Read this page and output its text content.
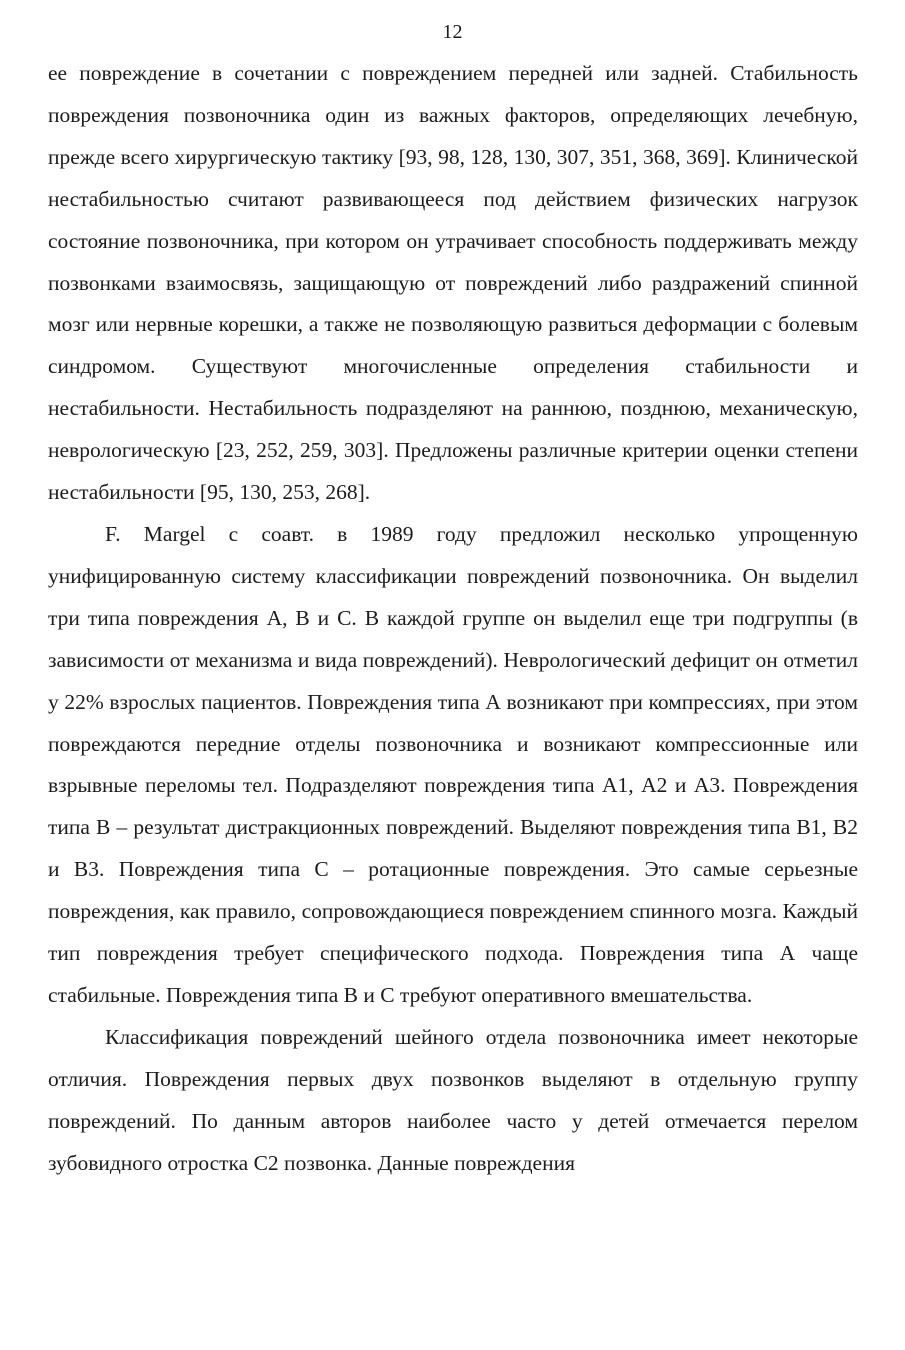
12

ее повреждение в сочетании с повреждением передней или задней. Стабильность повреждения позвоночника один из важных факторов, определяющих лечебную, прежде всего хирургическую тактику [93, 98, 128, 130, 307, 351, 368, 369]. Клинической нестабильностью считают развивающееся под действием физических нагрузок состояние позвоночника, при котором он утрачивает способность поддерживать между позвонками взаимосвязь, защищающую от повреждений либо раздражений спинной мозг или нервные корешки, а также не позволяющую развиться деформации с болевым синдромом. Существуют многочисленные определения стабильности и нестабильности. Нестабильность подразделяют на раннюю, позднюю, механическую, неврологическую [23, 252, 259, 303]. Предложены различные критерии оценки степени нестабильности [95, 130, 253, 268].

F. Margel с соавт. в 1989 году предложил несколько упрощенную унифицированную систему классификации повреждений позвоночника. Он выделил три типа повреждения А, В и С. В каждой группе он выделил еще три подгруппы (в зависимости от механизма и вида повреждений). Неврологический дефицит он отметил у 22% взрослых пациентов. Повреждения типа А возникают при компрессиях, при этом повреждаются передние отделы позвоночника и возникают компрессионные или взрывные переломы тел. Подразделяют повреждения типа А1, А2 и А3. Повреждения типа В – результат дистракционных повреждений. Выделяют повреждения типа В1, В2 и В3. Повреждения типа С – ротационные повреждения. Это самые серьезные повреждения, как правило, сопровождающиеся повреждением спинного мозга. Каждый тип повреждения требует специфического подхода. Повреждения типа А чаще стабильные. Повреждения типа В и С требуют оперативного вмешательства.

Классификация повреждений шейного отдела позвоночника имеет некоторые отличия. Повреждения первых двух позвонков выделяют в отдельную группу повреждений. По данным авторов наиболее часто у детей отмечается перелом зубовидного отростка С2 позвонка. Данные повреждения
